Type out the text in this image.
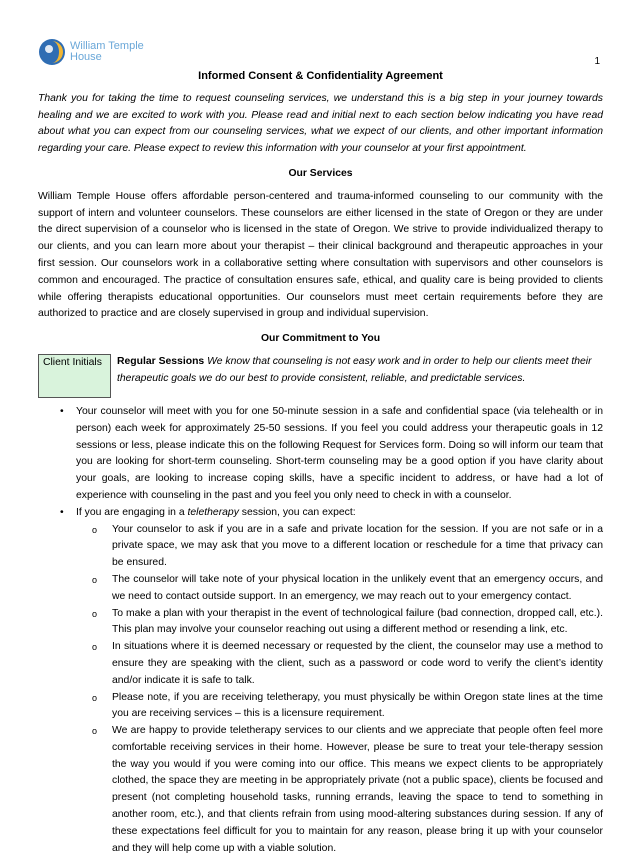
William Temple
House	1
Informed Consent & Confidentiality Agreement
Thank you for taking the time to request counseling services, we understand this is a big step in your journey towards healing and we are excited to work with you. Please read and initial next to each section below indicating you have read about what you can expect from our counseling services, what we expect of our clients, and other important information regarding your care. Please expect to review this information with your counselor at your first appointment.
Our Services
William Temple House offers affordable person-centered and trauma-informed counseling to our community with the support of intern and volunteer counselors. These counselors are either licensed in the state of Oregon or they are under the direct supervision of a counselor who is licensed in the state of Oregon. We strive to provide individualized therapy to our clients, and you can learn more about your therapist – their clinical background and therapeutic approaches in your first session. Our counselors work in a collaborative setting where consultation with supervisors and other counselors is common and encouraged. The practice of consultation ensures safe, ethical, and quality care is being provided to clients while offering therapists educational opportunities. Our counselors must meet certain requirements before they are authorized to practice and are closely supervised in group and individual supervision.
Our Commitment to You
Client Initials	Regular Sessions We know that counseling is not easy work and in order to help our clients meet their therapeutic goals we do our best to provide consistent, reliable, and predictable services.
• Your counselor will meet with you for one 50-minute session in a safe and confidential space (via telehealth or in person) each week for approximately 25-50 sessions. If you feel you could address your therapeutic goals in 12 sessions or less, please indicate this on the following Request for Services form. Doing so will inform our team that you are looking for short-term counseling. Short-term counseling may be a good option if you have clarity about your goals, are looking to increase coping skills, have a specific incident to address, or have had a lot of experience with counseling in the past and you feel you only need to check in with a counselor.
• If you are engaging in a teletherapy session, you can expect:
o Your counselor to ask if you are in a safe and private location for the session. If you are not safe or in a private space, we may ask that you move to a different location or reschedule for a time that privacy can be ensured.
o The counselor will take note of your physical location in the unlikely event that an emergency occurs, and we need to contact outside support. In an emergency, we may reach out to your emergency contact.
o To make a plan with your therapist in the event of technological failure (bad connection, dropped call, etc.). This plan may involve your counselor reaching out using a different method or resending a link, etc.
o In situations where it is deemed necessary or requested by the client, the counselor may use a method to ensure they are speaking with the client, such as a password or code word to verify the client’s identity and/or indicate it is safe to talk.
o Please note, if you are receiving teletherapy, you must physically be within Oregon state lines at the time you are receiving services – this is a licensure requirement.
o We are happy to provide teletherapy services to our clients and we appreciate that people often feel more comfortable receiving services in their home. However, please be sure to treat your tele-therapy session the way you would if you were coming into our office. This means we expect clients to be appropriately clothed, the space they are meeting in be appropriately private (not a public space), clients be focused and present (not completing household tasks, running errands, leaving the space to tend to something in another room, etc.), and that clients refrain from using mood-altering substances during session. If any of these expectations feel difficult for you to maintain for any reason, please bring it up with your counselor and they will help come up with a viable solution.
